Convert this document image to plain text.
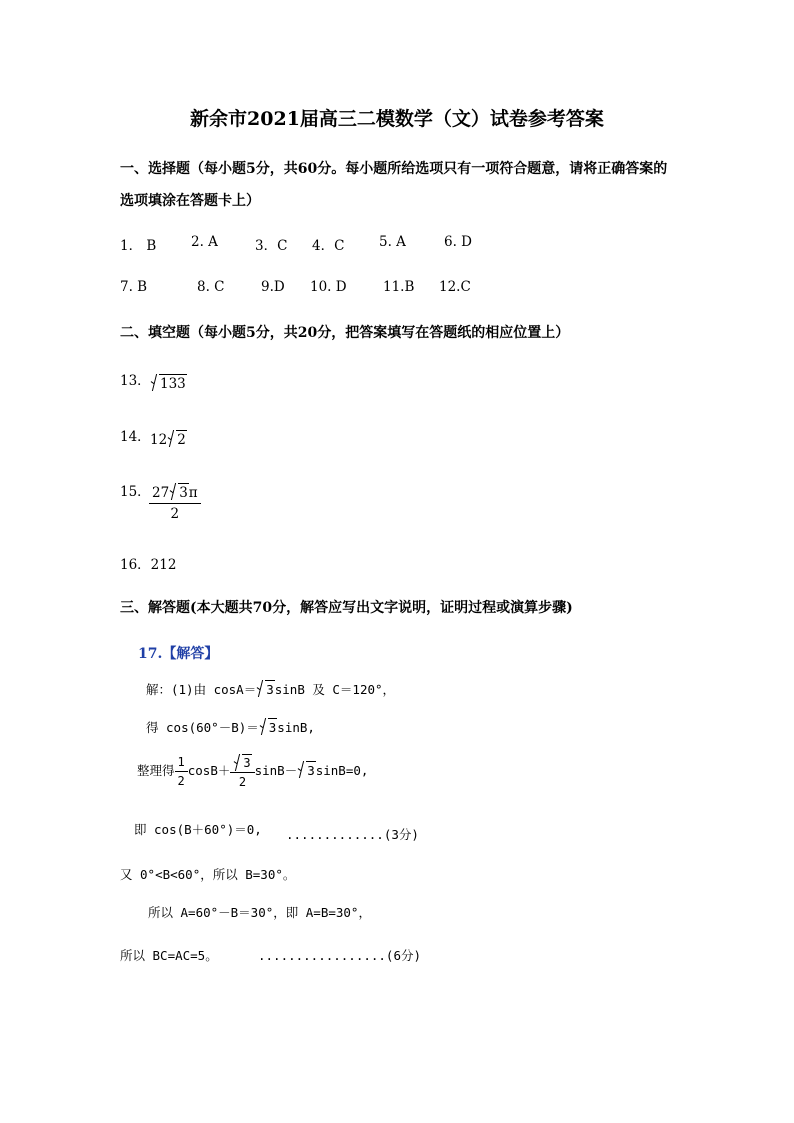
新余市2021届高三二模数学（文）试卷参考答案
一、选择题（每小题5分，共60分。每小题所给选项只有一项符合题意，请将正确答案的
选项填涂在答题卡上）
1． B	2. A	3．C 4．C	5. A	6. D
7. B	8. C	9.D 10. D	11.B 12.C
二、填空题（每小题5分，共20分，把答案填写在答题纸的相应位置上）
13． 133
14． 12 2
15．
$\frac{27 3\pi}{2}$
16．212
三、解答题(本大题共70分，解答应写出文字说明，证明过程或演算步骤)
17.【解答】
解：(1)由 cosA＝ 3sinB 及 C＝120°，
得 cos(60°－B)＝ 3sinB,
整理得 $\frac{1}{2} \cos B+ \frac{3}{2} \sin B- 3\sin B=0$,
即 cos(B＋60°)＝0, .............(3分)
又 0°<B<60°，所以 B=30°。
所以 A=60°－B＝30°，即 A=B=30°，
所以 BC=AC=5。	.................(6分)
